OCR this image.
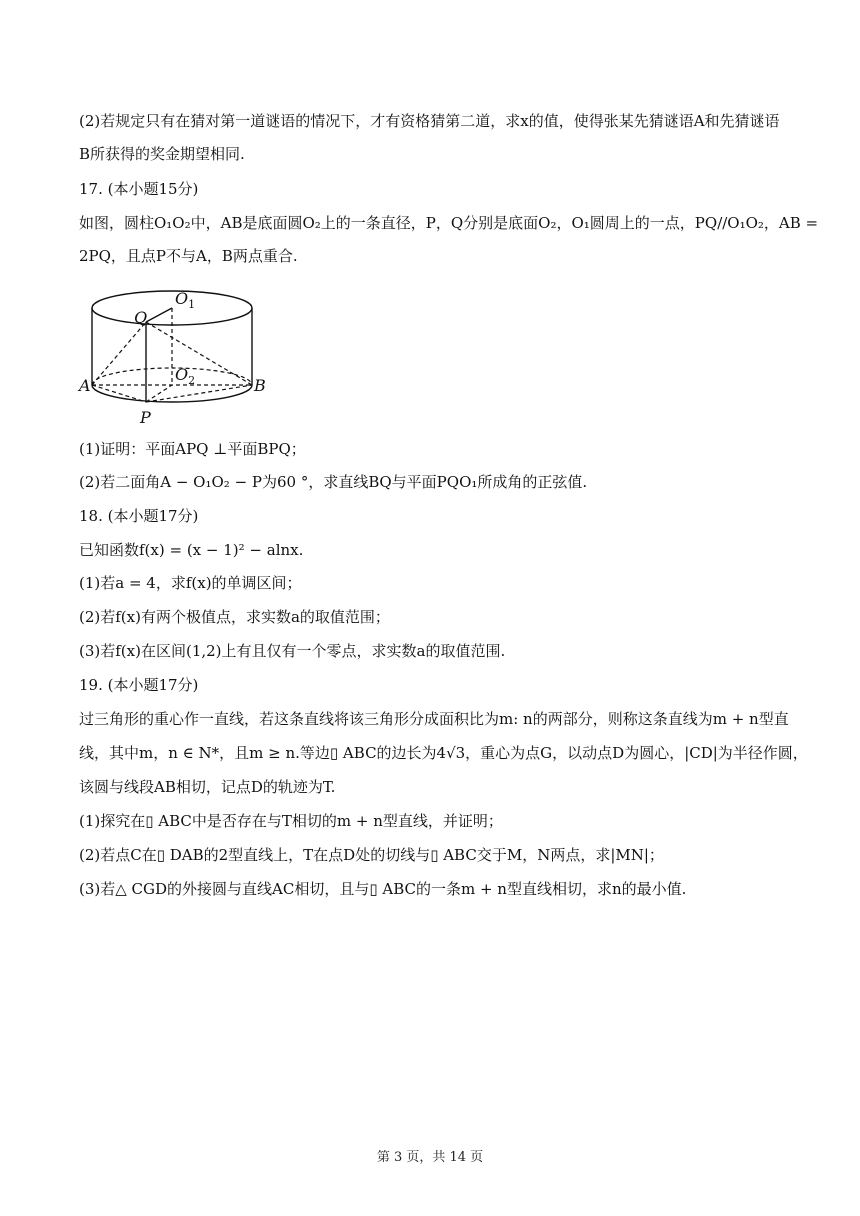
(2)若规定只有在猜对第一道谜语的情况下，才有资格猜第二道，求x的值，使得张某先猜谜语A和先猜谜语
B所获得的奖金期望相同.
17. (本小题15分)
如图，圆柱O₁O₂中，AB是底面圆O₂上的一条直径，P，Q分别是底面O₂，O₁圆周上的一点，PQ//O₁O₂，AB =
2PQ，且点P不与A，B两点重合.
Q
$O_1$
$O_2$
A	B
P
(1)证明：平面APQ ⊥平面BPQ；
(2)若二面角A − O₁O₂ − P为60 °，求直线BQ与平面PQO₁所成角的正弦值.
18. (本小题17分)
已知函数f(x) = (x − 1)² − alnx.
(1)若a = 4，求f(x)的单调区间；
(2)若f(x)有两个极值点，求实数a的取值范围；
(3)若f(x)在区间(1,2)上有且仅有一个零点，求实数a的取值范围.
19. (本小题17分)
过三角形的重心作一直线，若这条直线将该三角形分成面积比为m: n的两部分，则称这条直线为m + n型直
线，其中m，n ∈ N*，且m ≥ n.等边▯ ABC的边长为4√3，重心为点G，以动点D为圆心，|CD|为半径作圆，
该圆与线段AB相切，记点D的轨迹为T.
(1)探究在▯ ABC中是否存在与T相切的m + n型直线，并证明；
(2)若点C在▯ DAB的2型直线上，T在点D处的切线与▯ ABC交于M，N两点，求|MN|；
(3)若△ CGD的外接圆与直线AC相切，且与▯ ABC的一条m + n型直线相切，求n的最小值.
第 3 页，共 14 页
